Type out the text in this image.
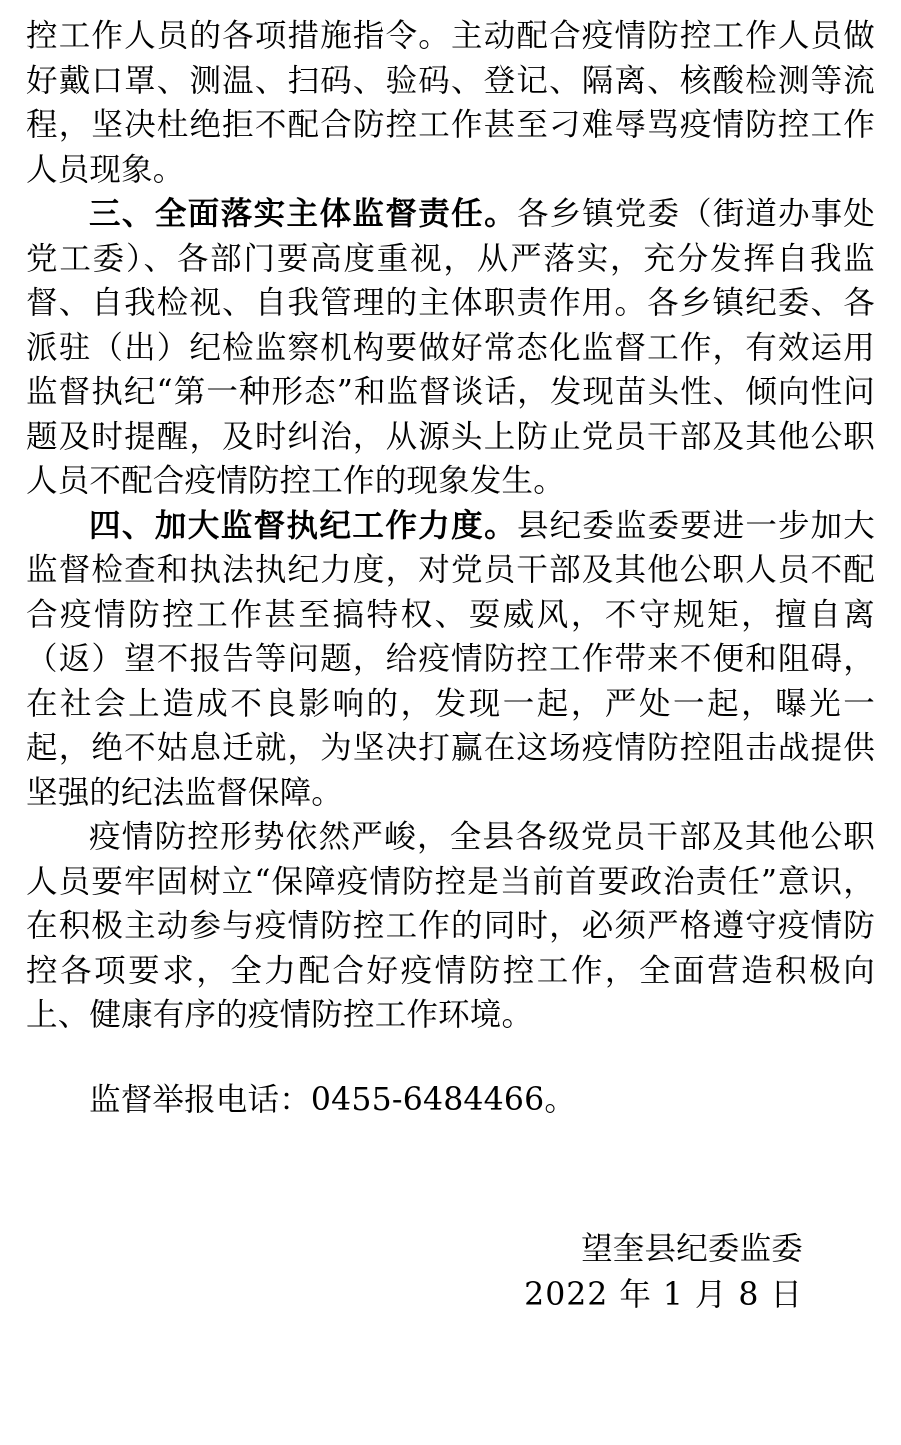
控工作人员的各项措施指令。主动配合疫情防控工作人员做好戴口罩、测温、扫码、验码、登记、隔离、核酸检测等流程，坚决杜绝拒不配合防控工作甚至刁难辱骂疫情防控工作人员现象。

三、全面落实主体监督责任。各乡镇党委（街道办事处党工委）、各部门要高度重视，从严落实，充分发挥自我监督、自我检视、自我管理的主体职责作用。各乡镇纪委、各派驻（出）纪检监察机构要做好常态化监督工作，有效运用监督执纪“第一种形态”和监督谈话，发现苗头性、倾向性问题及时提醒，及时纠治，从源头上防止党员干部及其他公职人员不配合疫情防控工作的现象发生。

四、加大监督执纪工作力度。县纪委监委要进一步加大监督检查和执法执纪力度，对党员干部及其他公职人员不配合疫情防控工作甚至搞特权、耍威风，不守规矩，擅自离（返）望不报告等问题，给疫情防控工作带来不便和阻碍，在社会上造成不良影响的，发现一起，严处一起，曝光一起，绝不姑息迁就，为坚决打赢在这场疫情防控阻击战提供坚强的纪法监督保障。

疫情防控形势依然严峻，全县各级党员干部及其他公职人员要牢固树立“保障疫情防控是当前首要政治责任”意识，在积极主动参与疫情防控工作的同时，必须严格遵守疫情防控各项要求，全力配合好疫情防控工作，全面营造积极向上、健康有序的疫情防控工作环境。

监督举报电话：0455-6484466。

望奎县纪委监委
2022 年 1 月 8 日
